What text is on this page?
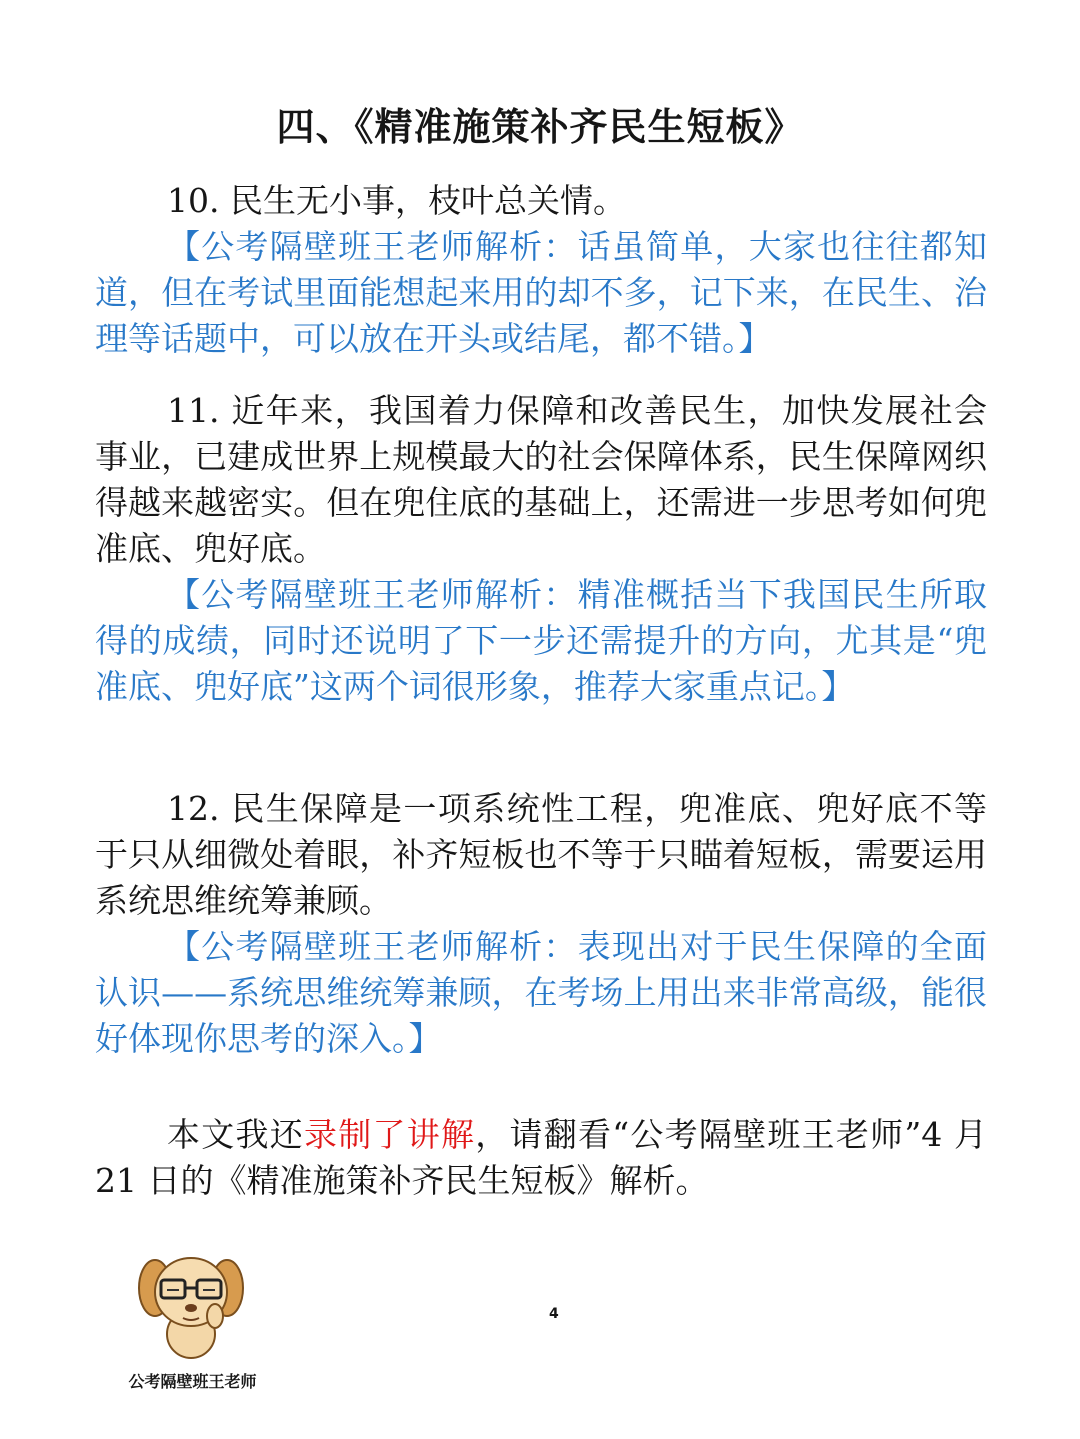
四、《精准施策补齐民生短板》

10. 民生无小事，枝叶总关情。

【公考隔壁班王老师解析：话虽简单，大家也往往都知道，但在考试里面能想起来用的却不多，记下来，在民生、治理等话题中，可以放在开头或结尾，都不错。】

11. 近年来，我国着力保障和改善民生，加快发展社会事业，已建成世界上规模最大的社会保障体系，民生保障网织得越来越密实。但在兜住底的基础上，还需进一步思考如何兜准底、兜好底。

【公考隔壁班王老师解析：精准概括当下我国民生所取得的成绩，同时还说明了下一步还需提升的方向，尤其是“兜准底、兜好底”这两个词很形象，推荐大家重点记。】

12. 民生保障是一项系统性工程，兜准底、兜好底不等于只从细微处着眼，补齐短板也不等于只瞄着短板，需要运用系统思维统筹兼顾。

【公考隔壁班王老师解析：表现出对于民生保障的全面认识——系统思维统筹兼顾，在考场上用出来非常高级，能很好体现你思考的深入。】

本文我还录制了讲解，请翻看“公考隔壁班王老师”4 月 21 日的《精准施策补齐民生短板》解析。

公考隔壁班王老师
4
